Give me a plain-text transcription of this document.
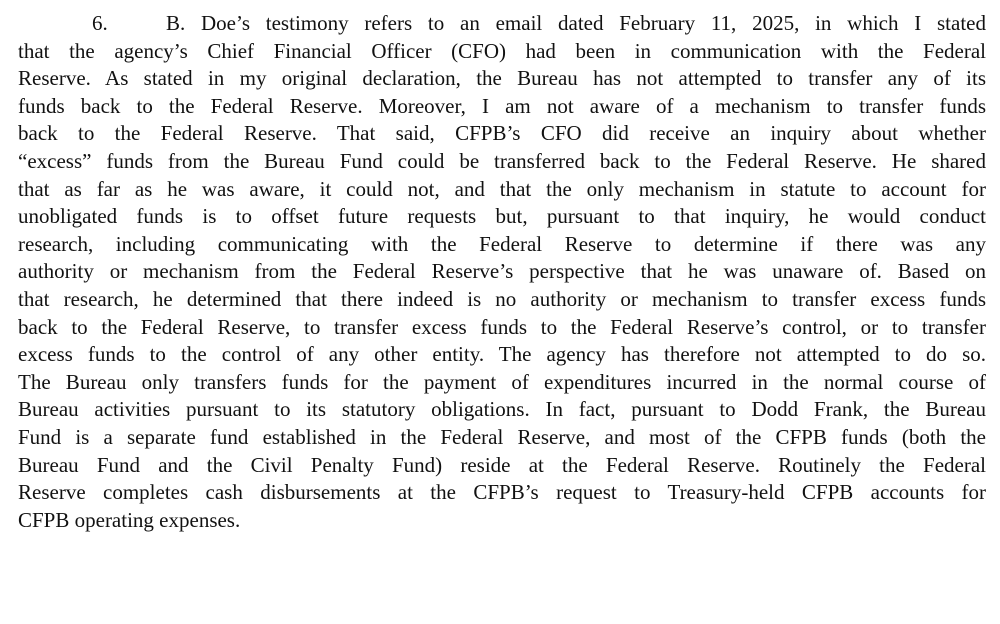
6.	B. Doe’s testimony refers to an email dated February 11, 2025, in which I stated
that the agency’s Chief Financial Officer (CFO) had been in communication with the Federal
Reserve. As stated in my original declaration, the Bureau has not attempted to transfer any of its
funds back to the Federal Reserve. Moreover, I am not aware of a mechanism to transfer funds
back to the Federal Reserve. That said, CFPB’s CFO did receive an inquiry about whether
“excess” funds from the Bureau Fund could be transferred back to the Federal Reserve. He shared
that as far as he was aware, it could not, and that the only mechanism in statute to account for
unobligated funds is to offset future requests but, pursuant to that inquiry, he would conduct
research, including communicating with the Federal Reserve to determine if there was any
authority or mechanism from the Federal Reserve’s perspective that he was unaware of. Based on
that research, he determined that there indeed is no authority or mechanism to transfer excess funds
back to the Federal Reserve, to transfer excess funds to the Federal Reserve’s control, or to transfer
excess funds to the control of any other entity. The agency has therefore not attempted to do so.
The Bureau only transfers funds for the payment of expenditures incurred in the normal course of
Bureau activities pursuant to its statutory obligations. In fact, pursuant to Dodd Frank, the Bureau
Fund is a separate fund established in the Federal Reserve, and most of the CFPB funds (both the
Bureau Fund and the Civil Penalty Fund) reside at the Federal Reserve. Routinely the Federal
Reserve completes cash disbursements at the CFPB’s request to Treasury-held CFPB accounts for
CFPB operating expenses.
